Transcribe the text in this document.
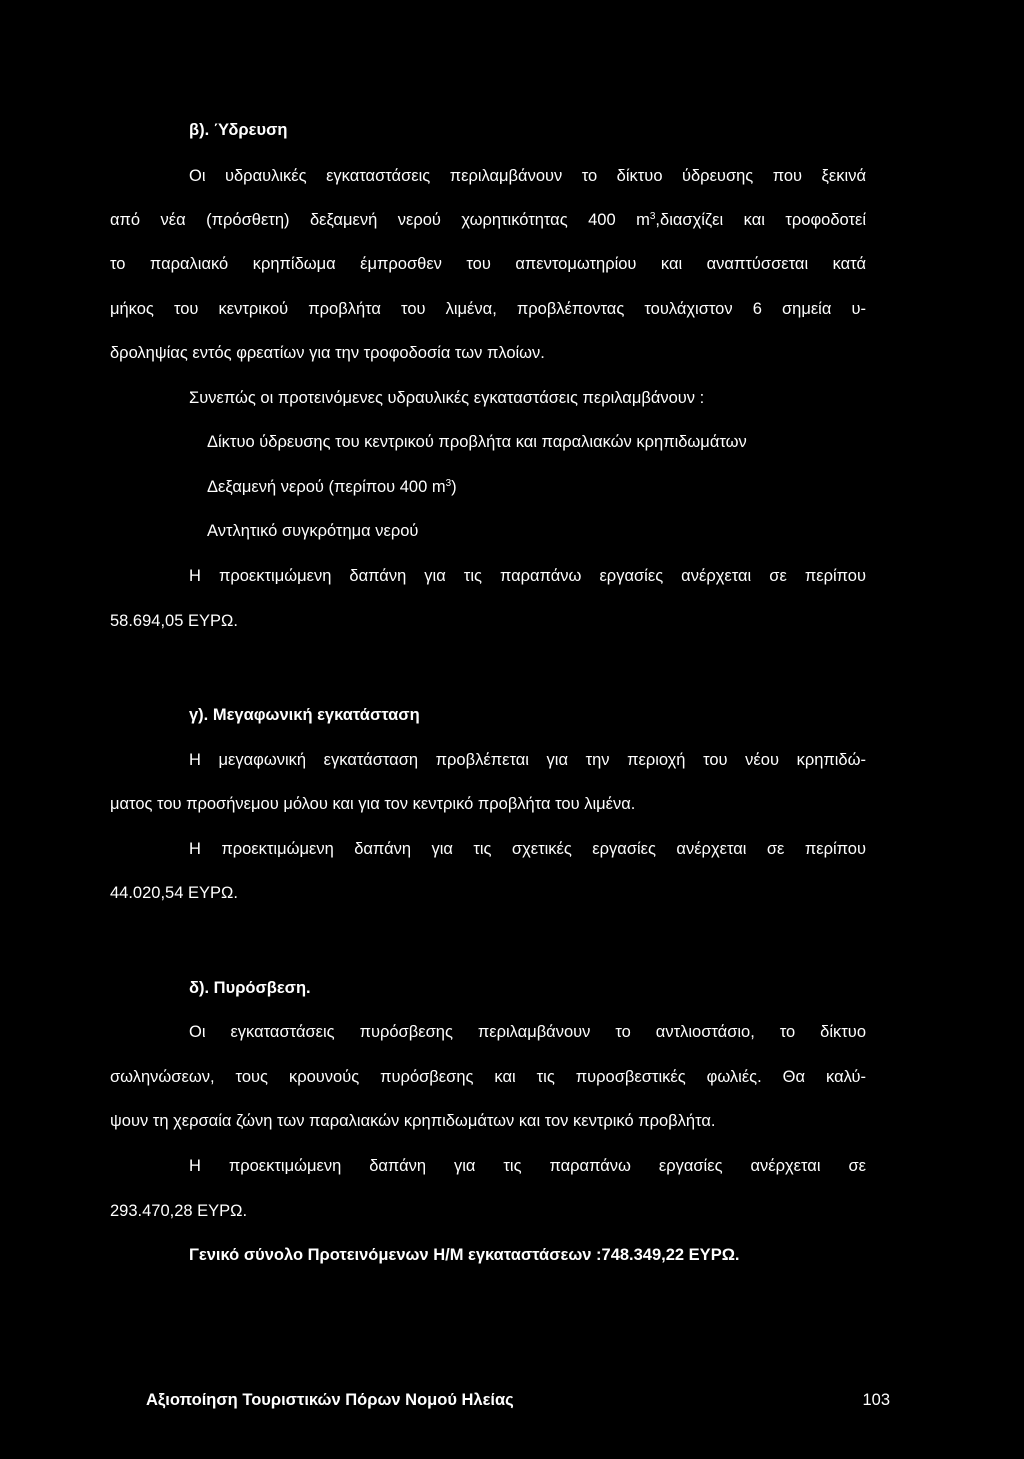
β). Ύδρευση

Οι υδραυλικές εγκαταστάσεις περιλαμβάνουν το δίκτυο ύδρευσης που ξεκινά

από νέα (πρόσθετη) δεξαμενή νερού χωρητικότητας 400 $m^3,\delta\iota\alpha\sigma\chi ί\zeta\varepsilon\iota$ και τροφοδοτεί

το παραλιακό κρηπίδωμα έμπροσθεν του απεντομωτηρίου και αναπτύσσεται κατά

μήκος του κεντρικού προβλήτα του λιμένα, προβλέποντας τουλάχιστον 6 σημεία υ-

δροληψίας εντός φρεατίων για την τροφοδοσία των πλοίων.

Συνεπώς οι προτεινόμενες υδραυλικές εγκαταστάσεις περιλαμβάνουν :

Δίκτυο ύδρευσης του κεντρικού προβλήτα και παραλιακών κρηπιδωμάτων

Δεξαμενή νερού (περίπου 400 $m^3$)

Αντλητικό συγκρότημα νερού

Η προεκτιμώμενη δαπάνη για τις παραπάνω εργασίες ανέρχεται σε περίπου

58.694,05 ΕΥΡΩ.

γ). Μεγαφωνική εγκατάσταση

Η μεγαφωνική εγκατάσταση προβλέπεται για την περιοχή του νέου κρηπιδώ-

ματος του προσήνεμου μόλου και για τον κεντρικό προβλήτα του λιμένα.

Η προεκτιμώμενη δαπάνη για τις σχετικές εργασίες ανέρχεται σε περίπου

44.020,54 ΕΥΡΩ.

δ). Πυρόσβεση.

Οι εγκαταστάσεις πυρόσβεσης περιλαμβάνουν το αντλιοστάσιο, το δίκτυο

σωληνώσεων, τους κρουνούς πυρόσβεσης και τις πυροσβεστικές φωλιές. Θα καλύ-

ψουν τη χερσαία ζώνη των παραλιακών κρηπιδωμάτων και τον κεντρικό προβλήτα.

Η προεκτιμώμενη δαπάνη για τις παραπάνω εργασίες ανέρχεται σε

293.470,28 ΕΥΡΩ.

Γενικό σύνολο Προτεινόμενων Η/Μ εγκαταστάσεων :748.349,22 ΕΥΡΩ.

Αξιοποίηση Τουριστικών Πόρων Νομού Ηλείας	103
